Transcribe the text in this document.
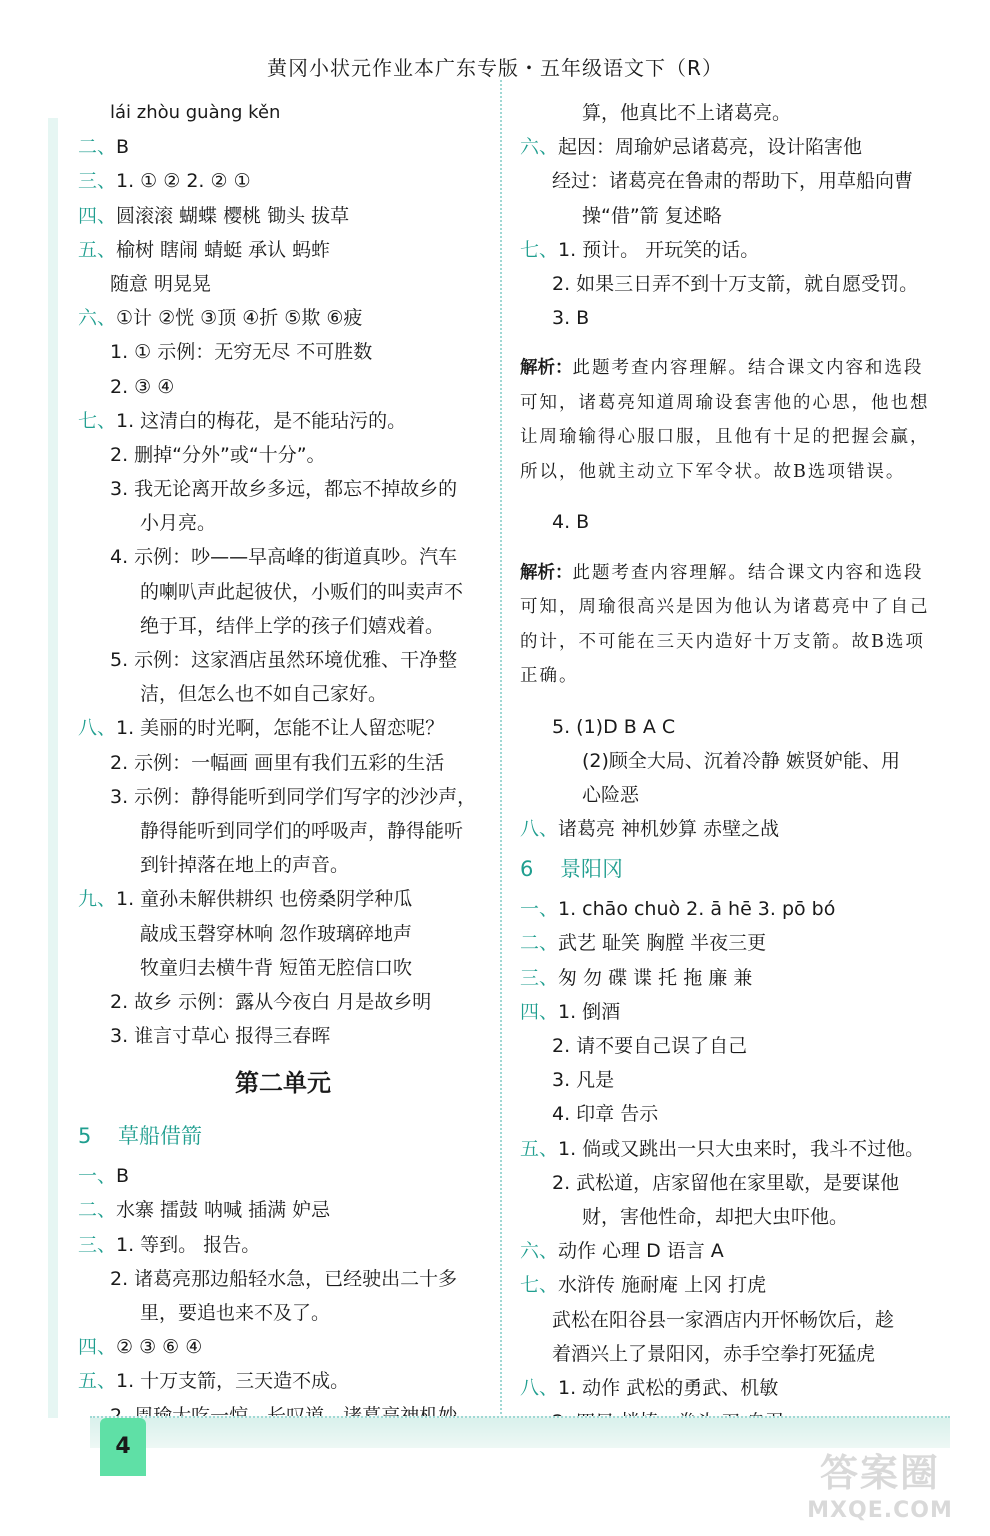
黄冈小状元作业本广东专版・五年级语文下（R）
lái zhòu guàng kěn
二、B
三、1. ① ② 2. ② ①
四、圆滚滚 蝴蝶 樱桃 锄头 拔草
五、榆树 瞎闹 蜻蜓 承认 蚂蚱
随意 明晃晃
六、①计 ②恍 ③顶 ④折 ⑤欺 ⑥疲
1. ① 示例：无穷无尽 不可胜数
2. ③ ④
七、1. 这清白的梅花，是不能玷污的。
2. 删掉“分外”或“十分”。
3. 我无论离开故乡多远，都忘不掉故乡的
小月亮。
4. 示例：吵——早高峰的街道真吵。汽车
的喇叭声此起彼伏，小贩们的叫卖声不
绝于耳，结伴上学的孩子们嬉戏着。
5. 示例：这家酒店虽然环境优雅、干净整
洁，但怎么也不如自己家好。
八、1. 美丽的时光啊，怎能不让人留恋呢？
2. 示例：一幅画 画里有我们五彩的生活
3. 示例：静得能听到同学们写字的沙沙声，
静得能听到同学们的呼吸声，静得能听
到针掉落在地上的声音。
九、1. 童孙未解供耕织 也傍桑阴学种瓜
敲成玉磬穿林响 忽作玻璃碎地声
牧童归去横牛背 短笛无腔信口吹
2. 故乡 示例：露从今夜白 月是故乡明
3. 谁言寸草心 报得三春晖
第二单元
5 草船借箭
一、B
二、水寨 擂鼓 呐喊 插满 妒忌
三、1. 等到。 报告。
2. 诸葛亮那边船轻水急，已经驶出二十多
里，要追也来不及了。
四、② ③ ⑥ ④
五、1. 十万支箭，三天造不成。
算，他真比不上诸葛亮。
六、起因：周瑜妒忌诸葛亮，设计陷害他
经过：诸葛亮在鲁肃的帮助下，用草船向曹
操“借”箭 复述略
七、1. 预计。 开玩笑的话。
2. 如果三日弄不到十万支箭，就自愿受罚。
3. B
解析：此题考查内容理解。结合课文内容和选段可知，诸葛亮知道周瑜设套害他的心思，他也想让周瑜输得心服口服，且他有十足的把握会赢，所以，他就主动立下军令状。故B选项错误。
4. B
解析：此题考查内容理解。结合课文内容和选段可知，周瑜很高兴是因为他认为诸葛亮中了自己的计，不可能在三天内造好十万支箭。故B选项正确。
5. (1)D B A C
(2)顾全大局、沉着冷静 嫉贤妒能、用
心险恶
八、诸葛亮 神机妙算 赤壁之战
6 景阳冈
一、1. chāo chuò 2. ā hē 3. pō bó
二、武艺 耻笑 胸膛 半夜三更
三、匆 勿 碟 谍 托 拖 廉 兼
四、1. 倒酒
2. 请不要自己误了自己
3. 凡是
4. 印章 告示
五、1. 倘或又跳出一只大虫来时，我斗不过他。
2. 武松道，店家留他在家里歇，是要谋他
财，害他性命，却把大虫吓他。
六、动作 心理 D 语言 A
七、水浒传 施耐庵 上冈 打虎
武松在阳谷县一家酒店内开怀畅饮后，趁
着酒兴上了景阳冈，赤手空拳打死猛虎
八、1. 动作 武松的勇武、机敏
4
答案圈
MXQE.COM
